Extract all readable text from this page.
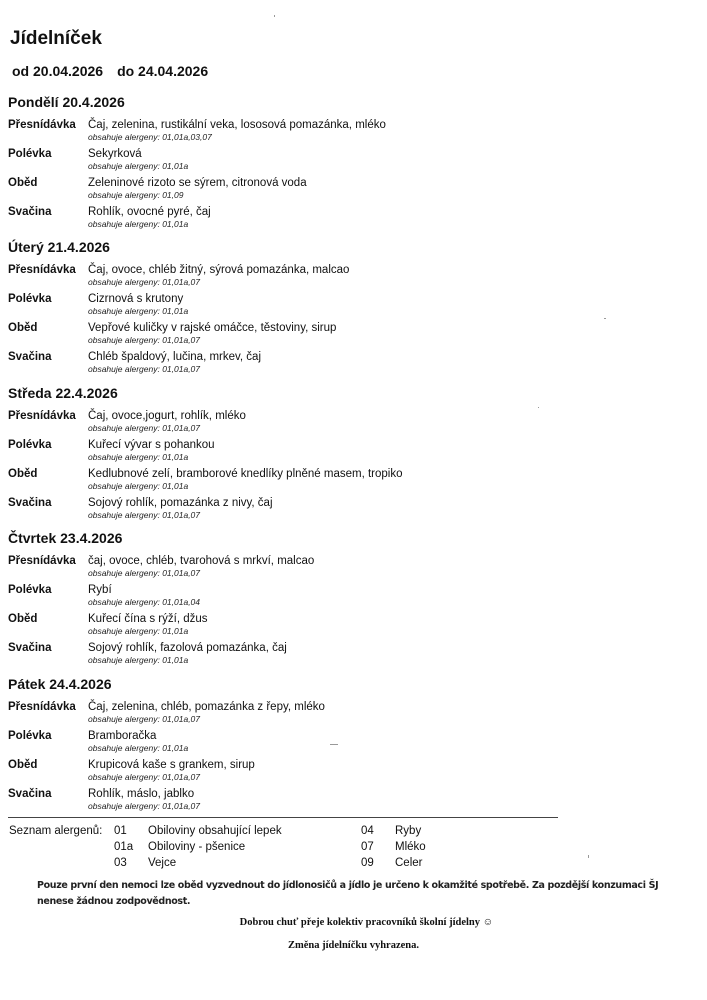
Jídelníček
od 20.04.2026 do 24.04.2026
Pondělí 20.4.2026
Přesnídávka	Čaj, zelenina, rustikální veka, lososová pomazánka, mléko
obsahuje alergeny: 01,01a,03,07
Polévka	Sekyrková
obsahuje alergeny: 01,01a
Oběd	Zeleninové rizoto se sýrem, citronová voda
obsahuje alergeny: 01,09
Svačina	Rohlík, ovocné pyré, čaj
obsahuje alergeny: 01,01a
Úterý 21.4.2026
Přesnídávka	Čaj, ovoce, chléb žitný, sýrová pomazánka, malcao
obsahuje alergeny: 01,01a,07
Polévka	Cizrnová s krutony
obsahuje alergeny: 01,01a
Oběd	Vepřové kuličky v rajské omáčce, těstoviny, sirup
obsahuje alergeny: 01,01a,07
Svačina	Chléb špaldový, lučina, mrkev, čaj
obsahuje alergeny: 01,01a,07
Středa 22.4.2026
Přesnídávka	Čaj, ovoce,jogurt, rohlík, mléko
obsahuje alergeny: 01,01a,07
Polévka	Kuřecí vývar s pohankou
obsahuje alergeny: 01,01a
Oběd	Kedlubnové zelí, bramborové knedlíky plněné masem, tropiko
obsahuje alergeny: 01,01a
Svačina	Sojový rohlík, pomazánka z nivy, čaj
obsahuje alergeny: 01,01a,07
Čtvrtek 23.4.2026
Přesnídávka	čaj, ovoce, chléb, tvarohová s mrkví, malcao
obsahuje alergeny: 01,01a,07
Polévka	Rybí
obsahuje alergeny: 01,01a,04
Oběd	Kuřecí čína s rýží, džus
obsahuje alergeny: 01,01a
Svačina	Sojový rohlík, fazolová pomazánka, čaj
obsahuje alergeny: 01,01a
Pátek 24.4.2026
Přesnídávka	Čaj, zelenina, chléb, pomazánka z řepy, mléko
obsahuje alergeny: 01,01a,07
Polévka	Bramboračka
obsahuje alergeny: 01,01a
Oběd	Krupicová kaše s grankem, sirup
obsahuje alergeny: 01,01a,07
Svačina	Rohlík, máslo, jablko
obsahuje alergeny: 01,01a,07
Seznam alergenů: 01 Obiloviny obsahující lepek
01a Obiloviny - pšenice
03 Vejce
04 Ryby
07 Mléko
09 Celer
Pouze první den nemoci lze oběd vyzvednout do jídlonosičů a jídlo je určeno k okamžité spotřebě. Za pozdější konzumaci ŠJ nenese žádnou zodpovědnost.
Dobrou chuť přeje kolektiv pracovníků školní jídelny ☺
Změna jídelníčku vyhrazena.
